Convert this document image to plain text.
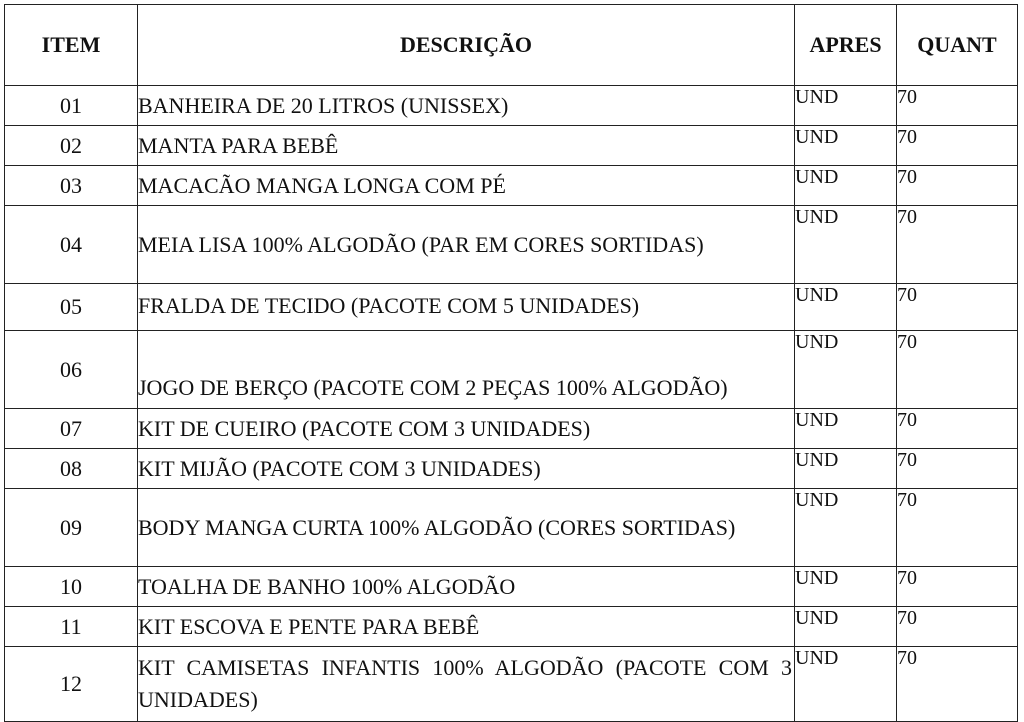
ITEM	DESCRIÇÃO	APRES	QUANT
01	BANHEIRA DE 20 LITROS (UNISSEX)	UND	70
02	MANTA PARA BEBÊ	UND	70
03	MACACÃO MANGA LONGA COM PÉ	UND	70
04	MEIA LISA 100% ALGODÃO (PAR EM CORES SORTIDAS)	UND	70
05	FRALDA DE TECIDO (PACOTE COM 5 UNIDADES)	UND	70
06	JOGO DE BERÇO (PACOTE COM 2 PEÇAS 100% ALGODÃO)	UND	70
07	KIT DE CUEIRO (PACOTE COM 3 UNIDADES)	UND	70
08	KIT MIJÃO (PACOTE COM 3 UNIDADES)	UND	70
09	BODY MANGA CURTA 100% ALGODÃO (CORES SORTIDAS)	UND	70
10	TOALHA DE BANHO 100% ALGODÃO	UND	70
11	KIT ESCOVA E PENTE PARA BEBÊ	UND	70
12	KIT CAMISETAS INFANTIS 100% ALGODÃO (PACOTE COM 3 UNIDADES)	UND	70
